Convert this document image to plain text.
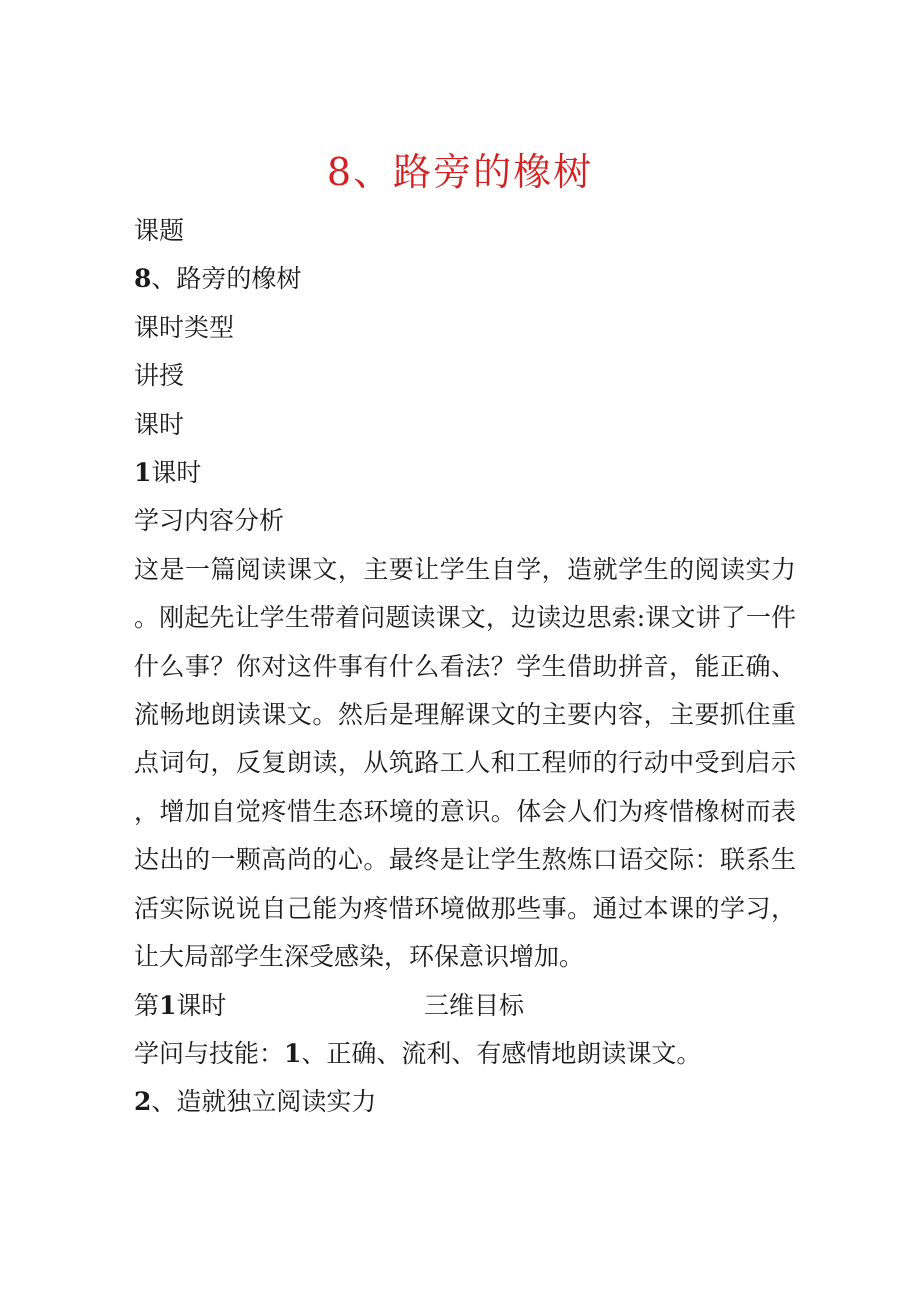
8、路旁的橡树
课题
8、路旁的橡树
课时类型
讲授
课时
1课时
学习内容分析
这是一篇阅读课文，主要让学生自学，造就学生的阅读实力。刚起先让学生带着问题读课文，边读边思索:课文讲了一件什么事？你对这件事有什么看法？学生借助拼音，能正确、流畅地朗读课文。然后是理解课文的主要内容，主要抓住重点词句，反复朗读，从筑路工人和工程师的行动中受到启示，增加自觉疼惜生态环境的意识。体会人们为疼惜橡树而表达出的一颗高尚的心。最终是让学生熬炼口语交际：联系生活实际说说自己能为疼惜环境做那些事。通过本课的学习，让大局部学生深受感染，环保意识增加。
第1课时	三维目标
学问与技能：1、正确、流利、有感情地朗读课文。
2、造就独立阅读实力
